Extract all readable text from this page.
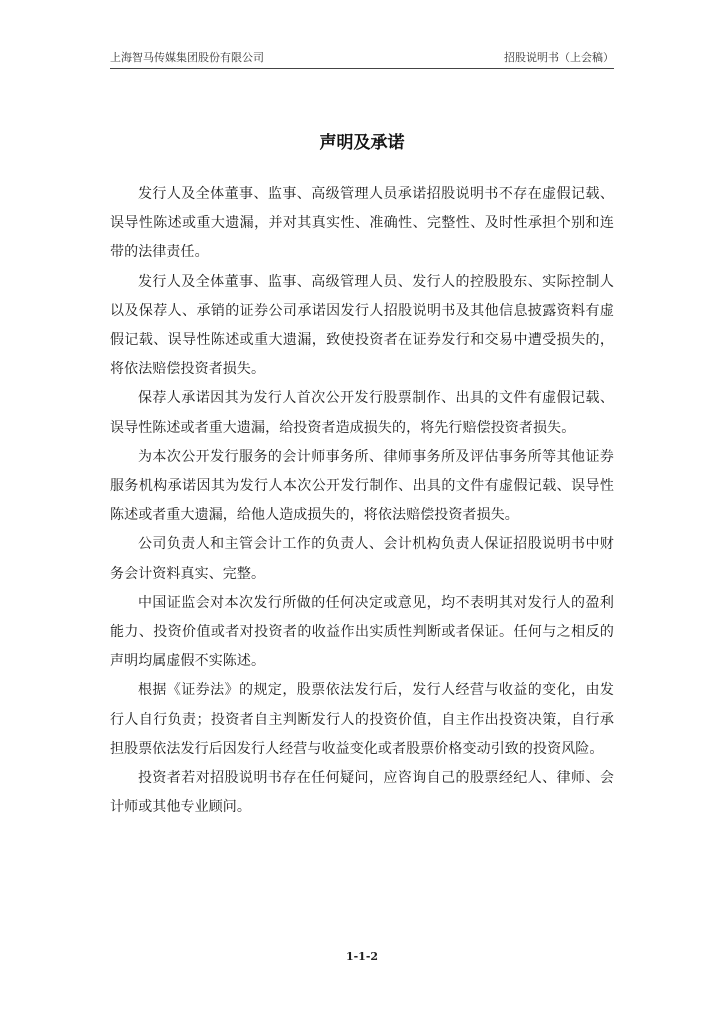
上海智马传媒集团股份有限公司	招股说明书（上会稿）
声明及承诺

发行人及全体董事、监事、高级管理人员承诺招股说明书不存在虚假记载、误导性陈述或重大遗漏，并对其真实性、准确性、完整性、及时性承担个别和连带的法律责任。

发行人及全体董事、监事、高级管理人员、发行人的控股股东、实际控制人以及保荐人、承销的证券公司承诺因发行人招股说明书及其他信息披露资料有虚假记载、误导性陈述或重大遗漏，致使投资者在证券发行和交易中遭受损失的，将依法赔偿投资者损失。

保荐人承诺因其为发行人首次公开发行股票制作、出具的文件有虚假记载、误导性陈述或者重大遗漏，给投资者造成损失的，将先行赔偿投资者损失。

为本次公开发行服务的会计师事务所、律师事务所及评估事务所等其他证券服务机构承诺因其为发行人本次公开发行制作、出具的文件有虚假记载、误导性陈述或者重大遗漏，给他人造成损失的，将依法赔偿投资者损失。

公司负责人和主管会计工作的负责人、会计机构负责人保证招股说明书中财务会计资料真实、完整。

中国证监会对本次发行所做的任何决定或意见，均不表明其对发行人的盈利能力、投资价值或者对投资者的收益作出实质性判断或者保证。任何与之相反的声明均属虚假不实陈述。

根据《证券法》的规定，股票依法发行后，发行人经营与收益的变化，由发行人自行负责；投资者自主判断发行人的投资价值，自主作出投资决策，自行承担股票依法发行后因发行人经营与收益变化或者股票价格变动引致的投资风险。

投资者若对招股说明书存在任何疑问，应咨询自己的股票经纪人、律师、会计师或其他专业顾问。

1-1-2
